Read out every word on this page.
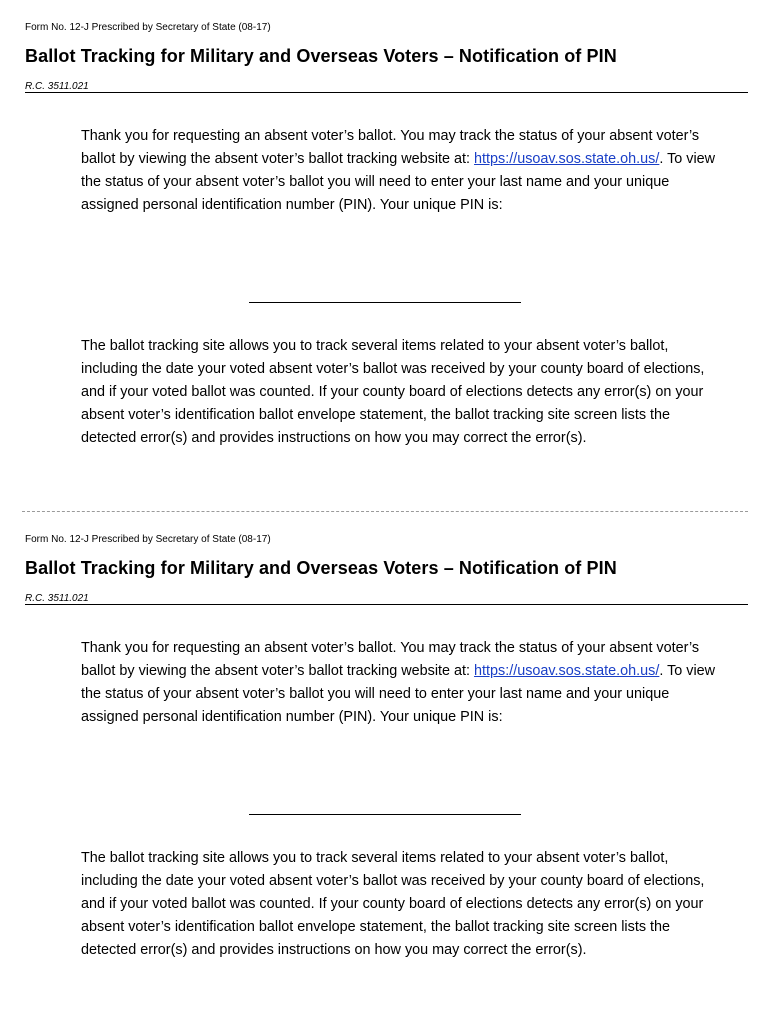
Form No. 12-J Prescribed by Secretary of State (08-17)
Ballot Tracking for Military and Overseas Voters – Notification of PIN
R.C. 3511.021

Thank you for requesting an absent voter’s ballot. You may track the status of your absent voter’s ballot by viewing the absent voter’s ballot tracking website at: https://usoav.sos.state.oh.us/. To view the status of your absent voter’s ballot you will need to enter your last name and your unique assigned personal identification number (PIN). Your unique PIN is:

The ballot tracking site allows you to track several items related to your absent voter’s ballot, including the date your voted absent voter’s ballot was received by your county board of elections, and if your voted ballot was counted. If your county board of elections detects any error(s) on your absent voter’s identification ballot envelope statement, the ballot tracking site screen lists the detected error(s) and provides instructions on how you may correct the error(s).

Form No. 12-J Prescribed by Secretary of State (08-17)
Ballot Tracking for Military and Overseas Voters – Notification of PIN
R.C. 3511.021

Thank you for requesting an absent voter’s ballot. You may track the status of your absent voter’s ballot by viewing the absent voter’s ballot tracking website at: https://usoav.sos.state.oh.us/. To view the status of your absent voter’s ballot you will need to enter your last name and your unique assigned personal identification number (PIN). Your unique PIN is:

The ballot tracking site allows you to track several items related to your absent voter’s ballot, including the date your voted absent voter’s ballot was received by your county board of elections, and if your voted ballot was counted. If your county board of elections detects any error(s) on your absent voter’s identification ballot envelope statement, the ballot tracking site screen lists the detected error(s) and provides instructions on how you may correct the error(s).
